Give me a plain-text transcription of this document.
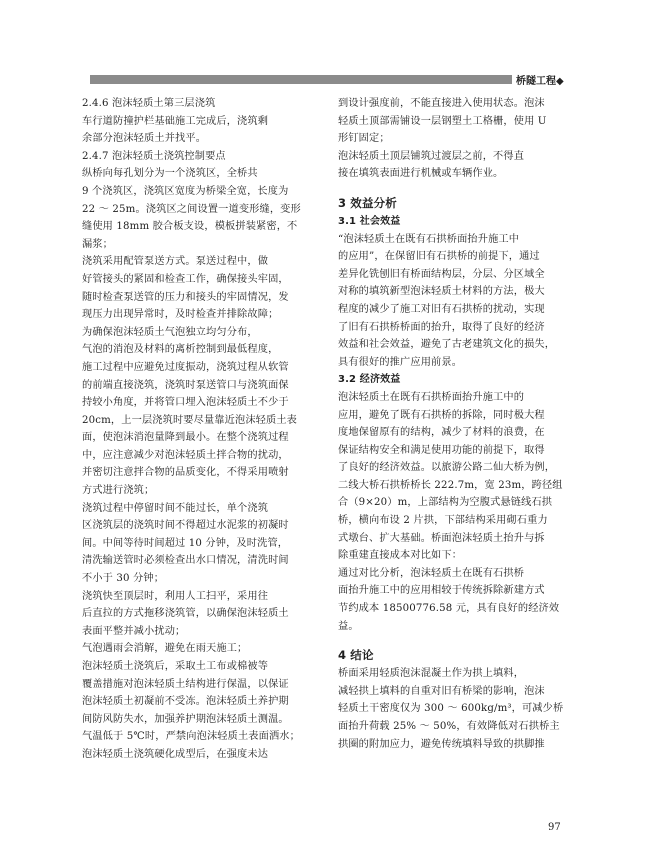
桥隧工程◆
2.4.6 泡沫轻质土第三层浇筑
车行道防撞护栏基础施工完成后，浇筑剩
余部分泡沫轻质土并找平。
2.4.7 泡沫轻质土浇筑控制要点
纵桥向每孔划分为一个浇筑区，全桥共
9 个浇筑区，浇筑区宽度为桥梁全宽，长度为
22 ～ 25m。浇筑区之间设置一道变形缝，变形
缝使用 18mm 胶合板支设，模板拼装紧密，不
漏浆；
浇筑采用配管泵送方式。泵送过程中，做
好管接头的紧固和检查工作，确保接头牢固，
随时检查泵送管的压力和接头的牢固情况，发
现压力出现异常时，及时检查并排除故障；
为确保泡沫轻质土气泡独立均匀分布，
气泡的消泡及材料的离析控制到最低程度，
施工过程中应避免过度振动，浇筑过程从软管
的前端直接浇筑，浇筑时泵送管口与浇筑面保
持较小角度，并将管口埋入泡沫轻质土不少于
20cm，上一层浇筑时要尽量靠近泡沫轻质土表
面，使泡沫消泡量降到最小。在整个浇筑过程
中，应注意减少对泡沫轻质土拌合物的扰动，
并密切注意拌合物的品质变化，不得采用喷射
方式进行浇筑；
浇筑过程中停留时间不能过长，单个浇筑
区浇筑层的浇筑时间不得超过水泥浆的初凝时
间。中间等待时间超过 10 分钟，及时洗管，
清洗输送管时必须检查出水口情况，清洗时间
不小于 30 分钟；
浇筑快至顶层时，利用人工扫平，采用往
后直拉的方式拖移浇筑管，以确保泡沫轻质土
表面平整并减小扰动；
气泡遇雨会消解，避免在雨天施工；
泡沫轻质土浇筑后，采取土工布或棉被等
覆盖措施对泡沫轻质土结构进行保温，以保证
泡沫轻质土初凝前不受冻。泡沫轻质土养护期
间防风防失水，加强养护期泡沫轻质土测温。
气温低于 5℃时，严禁向泡沫轻质土表面洒水；
泡沫轻质土浇筑硬化成型后，在强度未达
到设计强度前，不能直接进入使用状态。泡沫
轻质土顶部需铺设一层钢塑土工格栅，使用 U
形钉固定；
泡沫轻质土顶层铺筑过渡层之前，不得直
接在填筑表面进行机械或车辆作业。
3 效益分析
3.1 社会效益
“泡沫轻质土在既有石拱桥面抬升施工中
的应用”，在保留旧有石拱桥的前提下，通过
差异化铣刨旧有桥面结构层，分层、分区域全
对称的填筑新型泡沫轻质土材料的方法，极大
程度的减少了施工对旧有石拱桥的扰动，实现
了旧有石拱桥桥面的抬升，取得了良好的经济
效益和社会效益，避免了古老建筑文化的损失，
具有很好的推广应用前景。
3.2 经济效益
泡沫轻质土在既有石拱桥面抬升施工中的
应用，避免了既有石拱桥的拆除，同时极大程
度地保留原有的结构，减少了材料的浪费，在
保证结构安全和满足使用功能的前提下，取得
了良好的经济效益。以旅游公路二仙大桥为例，
二线大桥石拱桥桥长 222.7m，宽 23m，跨径组
合（9×20）m，上部结构为空腹式悬链线石拱
桥，横向布设 2 片拱，下部结构采用砌石重力
式墩台、扩大基础。桥面泡沫轻质土抬升与拆
除重建直接成本对比如下：
通过对比分析，泡沫轻质土在既有石拱桥
面抬升施工中的应用相较于传统拆除新建方式
节约成本 18500776.58 元，具有良好的经济效
益。
4 结论
桥面采用轻质泡沫混凝土作为拱上填料，
减轻拱上填料的自重对旧有桥梁的影响，泡沫
轻质土干密度仅为 300 ～ 600kg/m³，可减少桥
面抬升荷载 25% ～ 50%，有效降低对石拱桥主
拱圈的附加应力，避免传统填料导致的拱脚推
97
